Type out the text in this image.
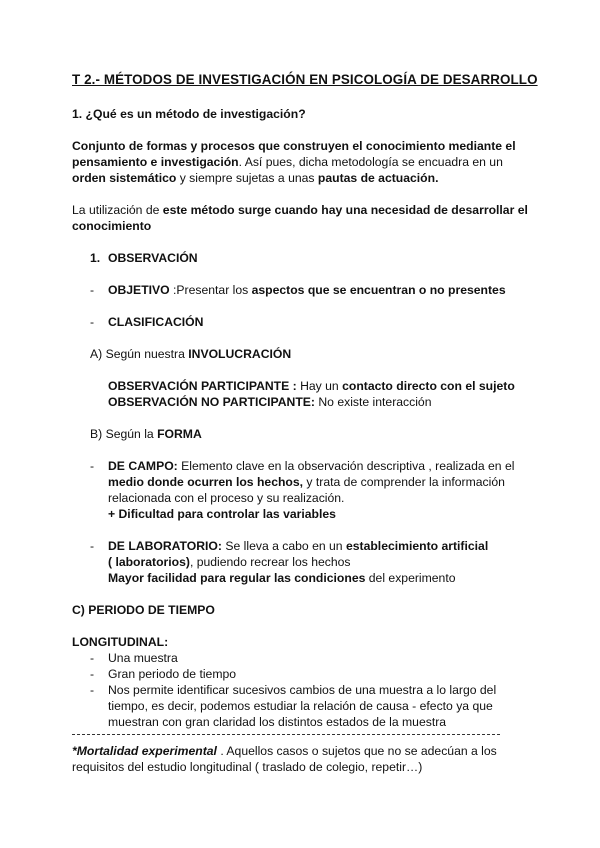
T 2.- MÉTODOS DE INVESTIGACIÓN EN PSICOLOGÍA DE DESARROLLO
1. ¿Qué es un método de investigación?
Conjunto de formas y procesos que construyen el conocimiento mediante el
pensamiento e investigación. Así pues, dicha metodología se encuadra en un
orden sistemático y siempre sujetas a unas pautas de actuación.
La utilización de este método surge cuando hay una necesidad de desarrollar el
conocimiento
1. OBSERVACIÓN
- OBJETIVO :Presentar los aspectos que se encuentran o no presentes
- CLASIFICACIÓN
A) Según nuestra INVOLUCRACIÓN
OBSERVACIÓN PARTICIPANTE : Hay un contacto directo con el sujeto
OBSERVACIÓN NO PARTICIPANTE: No existe interacción
B) Según la FORMA
- DE CAMPO: Elemento clave en la observación descriptiva , realizada en el
medio donde ocurren los hechos, y trata de comprender la información
relacionada con el proceso y su realización.
+ Dificultad para controlar las variables
- DE LABORATORIO: Se lleva a cabo en un establecimiento artificial
( laboratorios), pudiendo recrear los hechos
Mayor facilidad para regular las condiciones del experimento
C) PERIODO DE TIEMPO
LONGITUDINAL:
- Una muestra
- Gran periodo de tiempo
- Nos permite identificar sucesivos cambios de una muestra a lo largo del
tiempo, es decir, podemos estudiar la relación de causa - efecto ya que
muestran con gran claridad los distintos estados de la muestra
*Mortalidad experimental . Aquellos casos o sujetos que no se adecúan a los
requisitos del estudio longitudinal ( traslado de colegio, repetir…)
